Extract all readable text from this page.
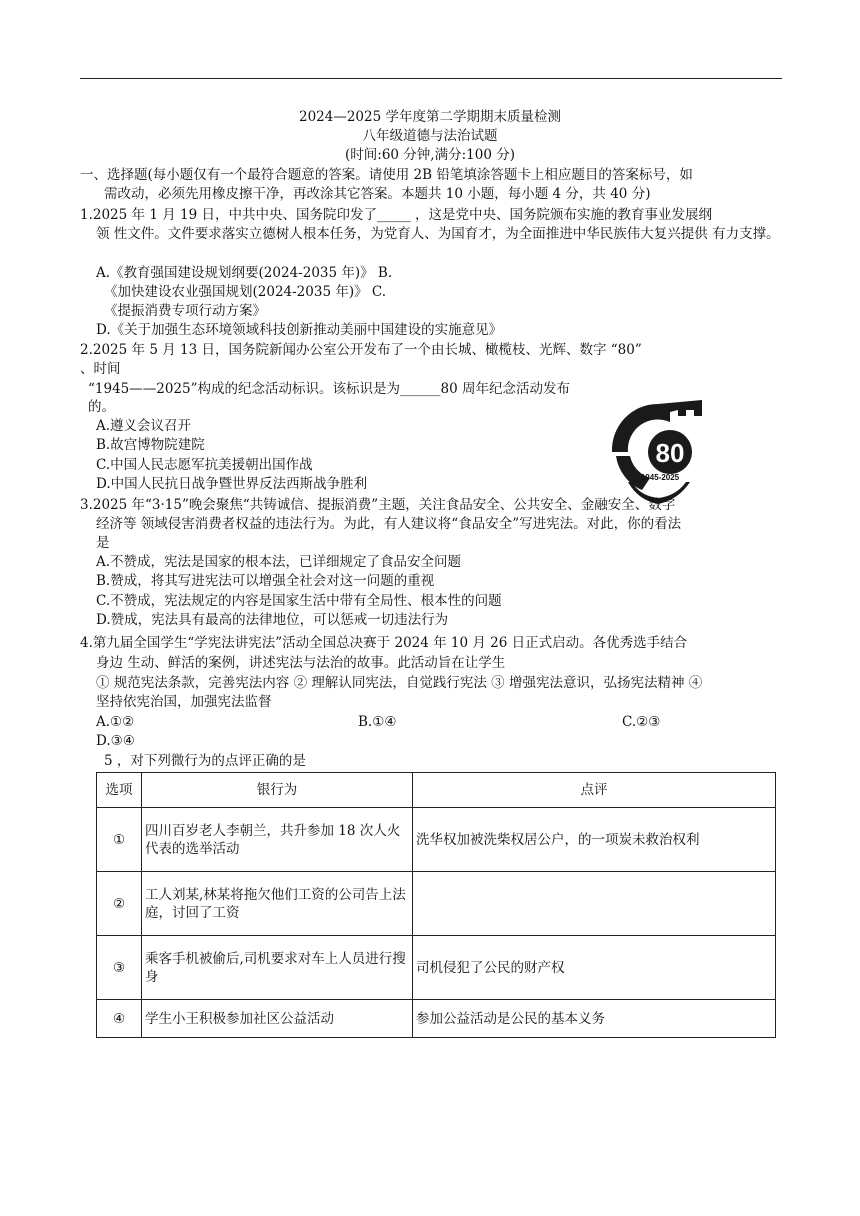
2024—2025 学年度第二学期期末质量检测
八年级道德与法治试题
(时间:60 分钟,满分:100 分)
一、选择题(每小题仅有一个最符合题意的答案。请使用 2B 铅笔填涂答题卡上相应题目的答案标号，如
需改动，必须先用橡皮擦干净，再改涂其它答案。本题共 10 小题，每小题 4 分，共 40 分)
1.2025 年 1 月 19 日，中共中央、国务院印发了_____ ，这是党中央、国务院颁布实施的教育事业发展纲
领 性文件。文件要求落实立德树人根本任务，为党育人、为国育才，为全面推进中华民族伟大复兴提供 有力支撑。
A.《教育强国建设规划纲要(2024-2035 年)》 B.
《加快建设农业强国规划(2024-2035 年)》 C.
《提振消费专项行动方案》
D.《关于加强生态环境领域科技创新推动美丽中国建设的实施意见》
2.2025 年 5 月 13 日，国务院新闻办公室公开发布了一个由长城、橄榄枝、光辉、数字 “80”
、时间
“1945——2025”构成的纪念活动标识。该标识是为______80 周年纪念活动发布
的。
A.遵义会议召开
B.故宫博物院建院
C.中国人民志愿军抗美援朝出国作战
D.中国人民抗日战争暨世界反法西斯战争胜利
80
1945-2025
3.2025 年“3·15”晚会聚焦“共铸诚信、提振消费”主题，关注食品安全、公共安全、金融安全、数字
经济等 领域侵害消费者权益的违法行为。为此，有人建议将“食品安全”写进宪法。对此，你的看法
是
A.不赞成，宪法是国家的根本法，已详细规定了食品安全问题
B.赞成，将其写进宪法可以增强全社会对这一问题的重视
C.不赞成，宪法规定的内容是国家生活中带有全局性、根本性的问题
D.赞成，宪法具有最高的法律地位，可以惩戒一切违法行为
4.第九届全国学生“学宪法讲宪法”活动全国总决赛于 2024 年 10 月 26 日正式启动。各优秀选手结合
身边 生动、鲜活的案例，讲述宪法与法治的故事。此活动旨在让学生
① 规范宪法条款，完善宪法内容 ② 理解认同宪法，自觉践行宪法 ③ 增强宪法意识，弘扬宪法精神 ④
坚持依宪治国，加强宪法监督
A.①②	B.①④	C.②③
D.③④
5 ，对下列微行为的点评正确的是
选项	银行为	点评
①	四川百岁老人李朝兰，共升参加 18 次人火代表的选举活动	洗华权加被洗柴权居公户，的一项炭未救治权利
②	工人刘某,林某将拖欠他们工资的公司告上法庭，讨回了工资	
③	乘客手机被偷后,司机要求对车上人员进行搜身	司机侵犯了公民的财产权
④	学生小王积极参加社区公益活动	参加公益活动是公民的基本义务
